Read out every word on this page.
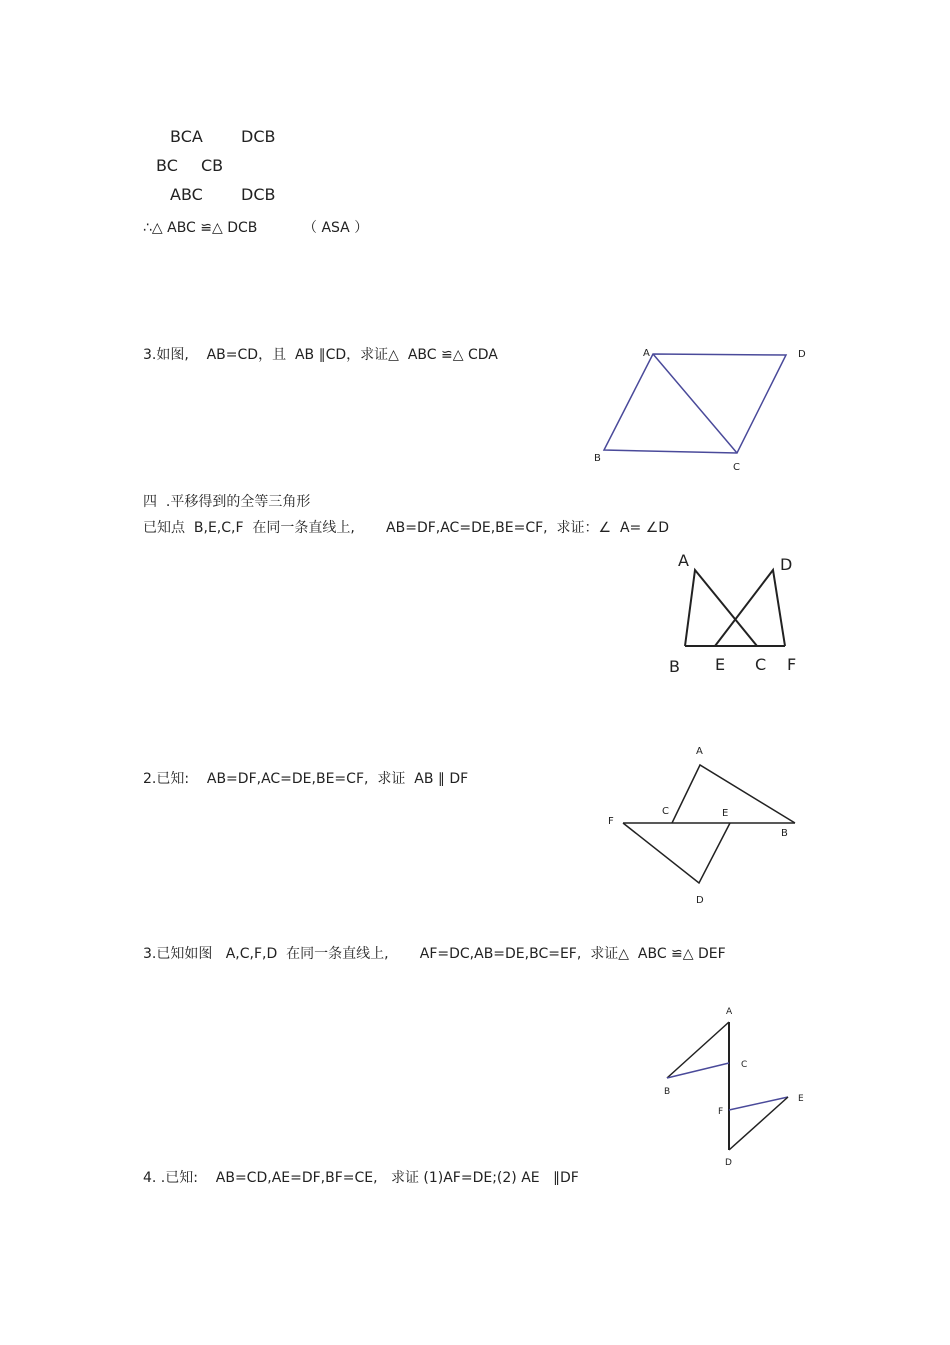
BCA DCB
BC CB
ABC DCB
∴△ ABC ≌△ DCB	（ ASA ）
3.如图,    AB=CD，且  AB ∥CD，求证△  ABC ≌△ CDA	A	D
B
C
四  .平移得到的全等三角形
已知点  B,E,C,F  在同一条直线上,       AB=DF,AC=DE,BE=CF,  求证：∠  A= ∠D
A	D
B E C F
2.已知:    AB=DF,AC=DE,BE=CF,  求证  AB ∥ DF
A
F
C	E
B
D
3.已知如图   A,C,F,D  在同一条直线上,       AF=DC,AB=DE,BC=EF,  求证△  ABC ≌△ DEF
A
C
B
F
E
D
4. .已知:    AB=CD,AE=DF,BF=CE,   求证 (1)AF=DE;(2) AE   ∥DF
